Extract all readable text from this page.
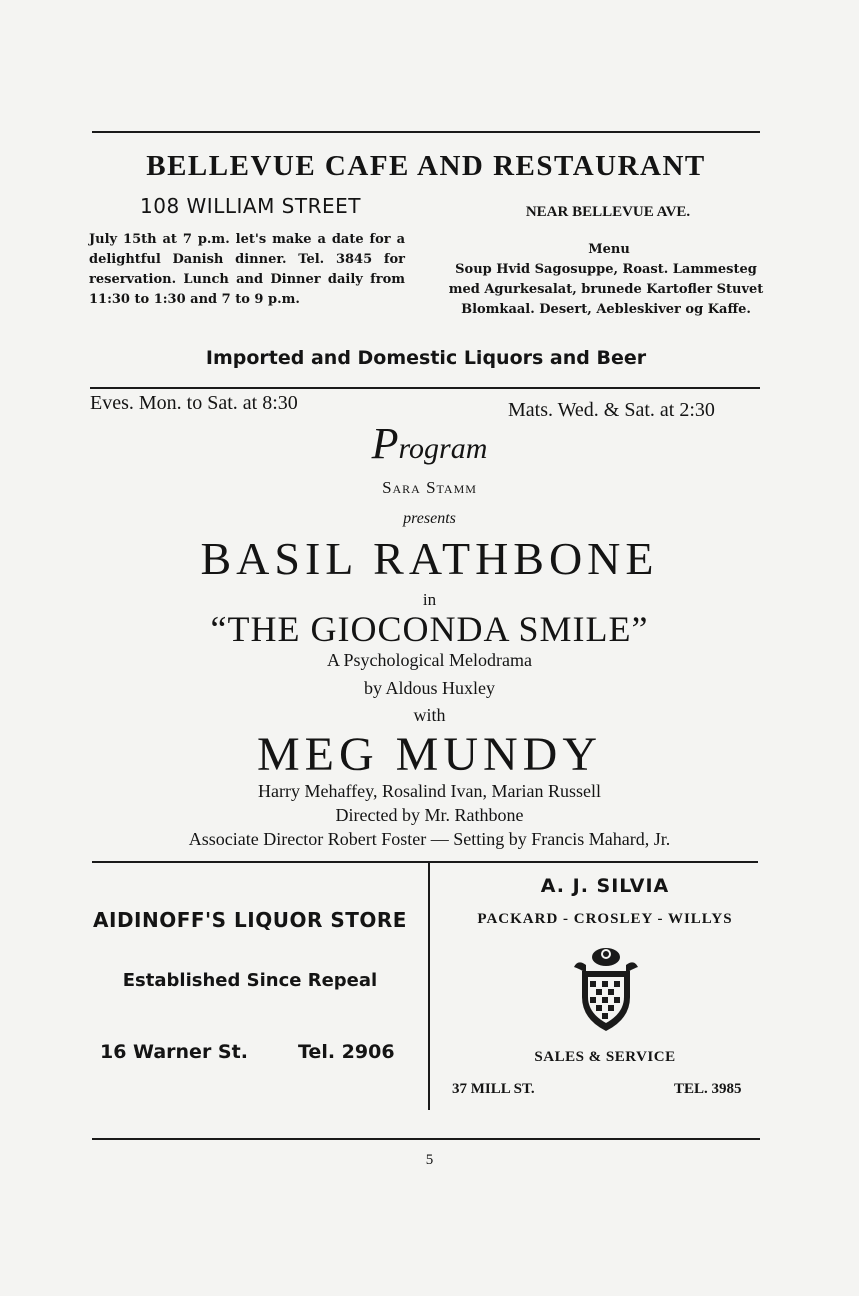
BELLEVUE CAFE AND RESTAURANT
108 WILLIAM STREET	NEAR BELLEVUE AVE.
July 15th at 7 p.m. let's make a date for a delightful Danish dinner. Tel. 3845 for reservation. Lunch and Dinner daily from 11:30 to 1:30 and 7 to 9 p.m.
Menu
Soup Hvid Sagosuppe, Roast. Lammesteg med Agurkesalat, brunede Kartofler Stuvet Blomkaal. Desert, Aebleskiver og Kaffe.
Imported and Domestic Liquors and Beer
Eves. Mon. to Sat. at 8:30	Mats. Wed. & Sat. at 2:30
Program
Sara Stamm
presents
BASIL RATHBONE
in
“THE GIOCONDA SMILE”
A Psychological Melodrama
by Aldous Huxley
with
MEG MUNDY
Harry Mehaffey, Rosalind Ivan, Marian Russell
Directed by Mr. Rathbone
Associate Director Robert Foster — Setting by Francis Mahard, Jr.
AIDINOFF'S LIQUOR STORE
Established Since Repeal
16 Warner St.	Tel. 2906
A. J. SILVIA
PACKARD - CROSLEY - WILLYS
SALES & SERVICE
37 MILL ST.	TEL. 3985
5
